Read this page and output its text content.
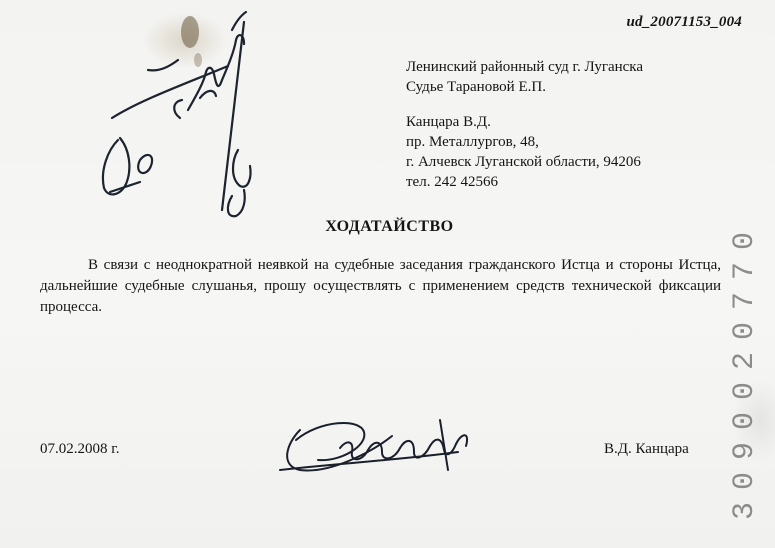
ud_20071153_004
3090020770
Ленинский районный суд г. Луганска
Судье Тарановой Е.П.
Канцара В.Д.
пр. Металлургов, 48,
г. Алчевск Луганской области, 94206
тел. 242 42566
ХОДАТАЙСТВО

В связи с неоднократной неявкой на судебные заседания гражданского Истца и стороны Истца, дальнейшие судебные слушанья, прошу осуществлять с применением средств технической фиксации процесса.

07.02.2008 г.	В.Д. Канцара
